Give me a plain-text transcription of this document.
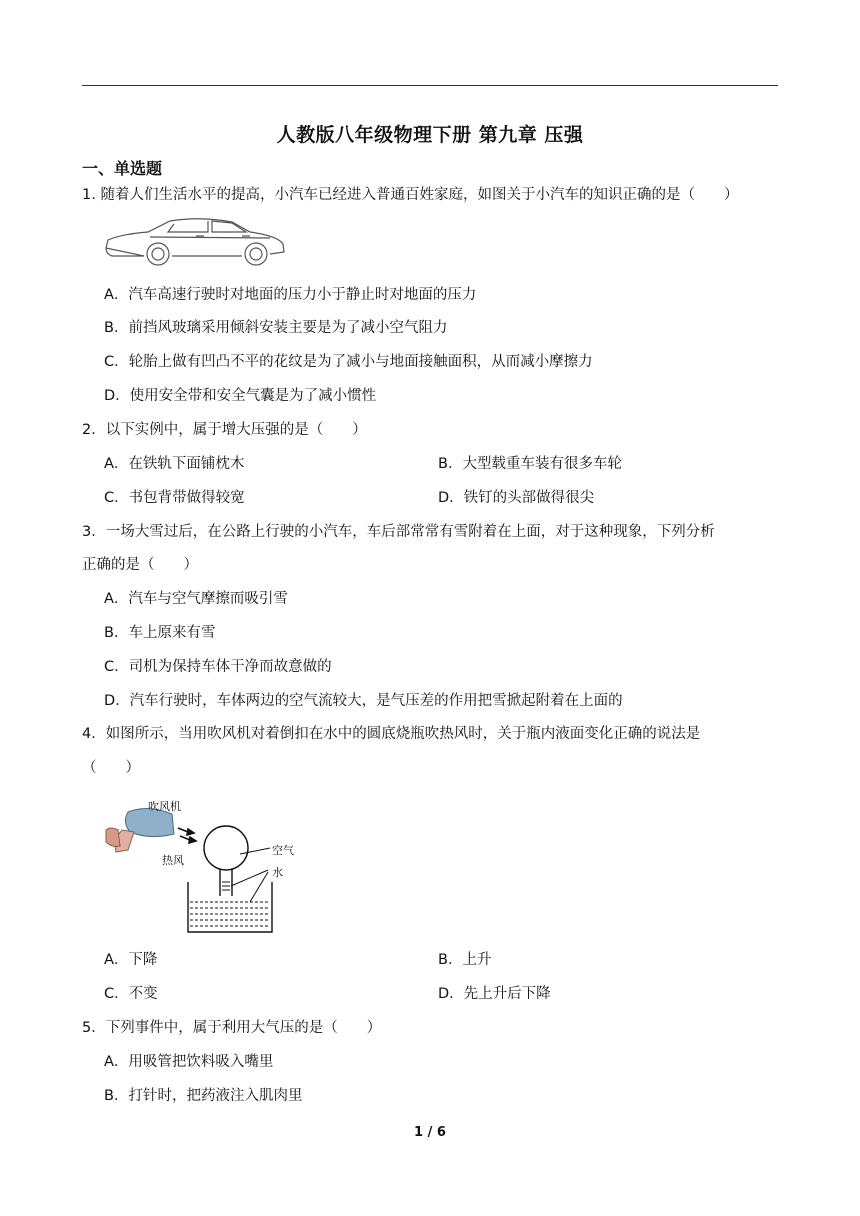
人教版八年级物理下册 第九章 压强
一、单选题
1. 随着人们生活水平的提高，小汽车已经进入普通百姓家庭，如图关于小汽车的知识正确的是（　　）
A．汽车高速行驶时对地面的压力小于静止时对地面的压力
B．前挡风玻璃采用倾斜安装主要是为了减小空气阻力
C．轮胎上做有凹凸不平的花纹是为了减小与地面接触面积，从而减小摩擦力
D．使用安全带和安全气囊是为了减小惯性
2．以下实例中，属于增大压强的是（　　）
A．在铁轨下面铺枕木	B．大型载重车装有很多车轮
C．书包背带做得较宽	D．铁钉的头部做得很尖
3．一场大雪过后，在公路上行驶的小汽车，车后部常常有雪附着在上面，对于这种现象，下列分析
正确的是（　　）
A．汽车与空气摩擦而吸引雪
B．车上原来有雪
C．司机为保持车体干净而故意做的
D．汽车行驶时，车体两边的空气流较大，是气压差的作用把雪掀起附着在上面的
4．如图所示，当用吹风机对着倒扣在水中的圆底烧瓶吹热风时，关于瓶内液面变化正确的说法是
（　　）
吹风机
热风
空气
水
A．下降	B．上升
C．不变	D．先上升后下降
5．下列事件中，属于利用大气压的是（　　）
A．用吸管把饮料吸入嘴里
B．打针时，把药液注入肌肉里
1 / 6
